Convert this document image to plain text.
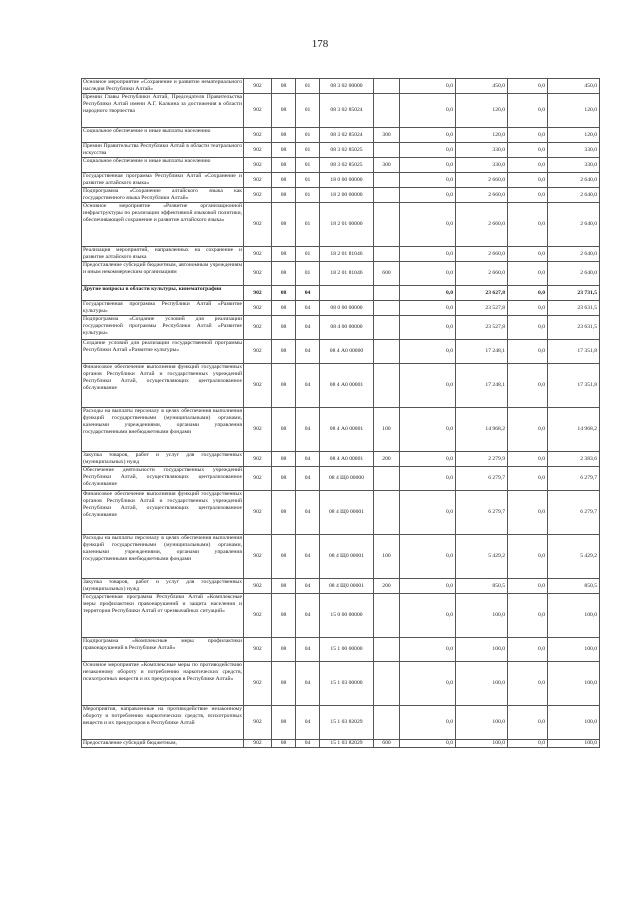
178
Основное мероприятие «Сохранение и развитие нематериального наследия Республики Алтай»	902	08	01	08 3 02 00000		0,0	450,0	0,0	450,0
Премии Главы Республики Алтай, Председателя Правительства Республики Алтай имени А.Г. Калкина за достижения в области народного творчества	902	08	01	08 3 02 85024		0,0	120,0	0,0	120,0
Социальное обеспечение и иные выплаты населению	902	08	01	08 3 02 85024	300	0,0	120,0	0,0	120,0
Премии Правительства Республики Алтай в области театрального искусства	902	08	01	08 3 02 85025		0,0	330,0	0,0	330,0
Социальное обеспечение и иные выплаты населению	902	08	01	08 3 02 85025	300	0,0	330,0	0,0	330,0
Государственная программа Республики Алтай «Сохранение и развитие алтайского языка»	902	08	01	18 0 00 00000		0,0	2 660,0	0,0	2 640,0
Подпрограмма «Сохранение алтайского языка как государственного языка Республики Алтай»	902	08	01	18 2 00 00000		0,0	2 660,0	0,0	2 640,0
Основное мероприятие «Развитие организационной инфраструктуры по реализации эффективной языковой политики, обеспечивающей сохранение и развитие алтайского языка»	902	08	01	18 2 01 00000		0,0	2 660,0	0,0	2 640,0
Реализация мероприятий, направленных на сохранение и развитие алтайского языка	902	08	01	18 2 01 81046		0,0	2 660,0	0,0	2 640,0
Предоставление субсидий бюджетным, автономным учреждениям и иным некоммерческим организациям	902	08	01	18 2 01 81046	600	0,0	2 660,0	0,0	2 640,0
Другие вопросы в области культуры, кинематографии	902	08	04			0,0	23 627,8	0,0	23 731,5
Государственная программа Республики Алтай «Развитие культуры»	902	08	04	08 0 00 00000		0,0	23 527,8	0,0	23 631,5
Подпрограмма «Создание условий для реализации государственной программы Республики Алтай «Развитие культуры»	902	08	04	08 4 00 00000		0,0	23 527,8	0,0	23 631,5
Создание условий для реализации государственной программы Республики Алтай «Развитие культуры»	902	08	04	08 4 А0 00000		0,0	17 248,1	0,0	17 351,8
Финансовое обеспечение выполнения функций государственных органов Республики Алтай и государственных учреждений Республики Алтай, осуществляющих централизованное обслуживание	902	08	04	08 4 А0 00001		0,0	17 248,1	0,0	17 351,8
Расходы на выплаты персоналу в целях обеспечения выполнения функций государственными (муниципальными) органами, казенными учреждениями, органами управления государственными внебюджетными фондами	902	08	04	08 4 А0 00001	100	0,0	14 968,2	0,0	14 968,2
Закупка товаров, работ и услуг для государственных (муниципальных) нужд	902	08	04	08 4 А0 00001	200	0,0	2 279,9	0,0	2 383,6
Обеспечение деятельности государственных учреждений Республики Алтай, осуществляющих централизованное обслуживание	902	08	04	08 4 Щ0 00000		0,0	6 279,7	0,0	6 279,7
Финансовое обеспечение выполнения функций государственных органов Республики Алтай и государственных учреждений Республики Алтай, осуществляющих централизованное обслуживание	902	08	04	08 4 Щ0 00001		0,0	6 279,7	0,0	6 279,7
Расходы на выплаты персоналу в целях обеспечения выполнения функций государственными (муниципальными) органами, казенными учреждениями, органами управления государственными внебюджетными фондами	902	08	04	08 4 Щ0 00001	100	0,0	5 429,2	0,0	5 429,2
Закупка товаров, работ и услуг для государственных (муниципальных) нужд	902	08	04	08 4 Щ0 00001	200	0,0	850,5	0,0	850,5
Государственная программа Республики Алтай «Комплексные меры профилактики правонарушений и защита населения и территории Республики Алтай от чрезвычайных ситуаций»	902	08	04	15 0 00 00000		0,0	100,0	0,0	100,0
Подпрограмма «Комплексные меры профилактики правонарушений в Республике Алтай»	902	08	04	15 1 00 00000		0,0	100,0	0,0	100,0
Основное мероприятие «Комплексные меры по противодействию незаконному обороту и потреблению наркотических средств, психотропных веществ и их прекурсоров в Республике Алтай»	902	08	04	15 1 03 00000		0,0	100,0	0,0	100,0
Мероприятия, направленные на противодействие незаконному обороту и потреблению наркотических средств, психотропных веществ и их прекурсоров в Республике Алтай	902	08	04	15 1 03 82029		0,0	100,0	0,0	100,0
Предоставление субсидий бюджетным,	902	08	04	15 1 03 82029	600	0,0	100,0	0,0	100,0
